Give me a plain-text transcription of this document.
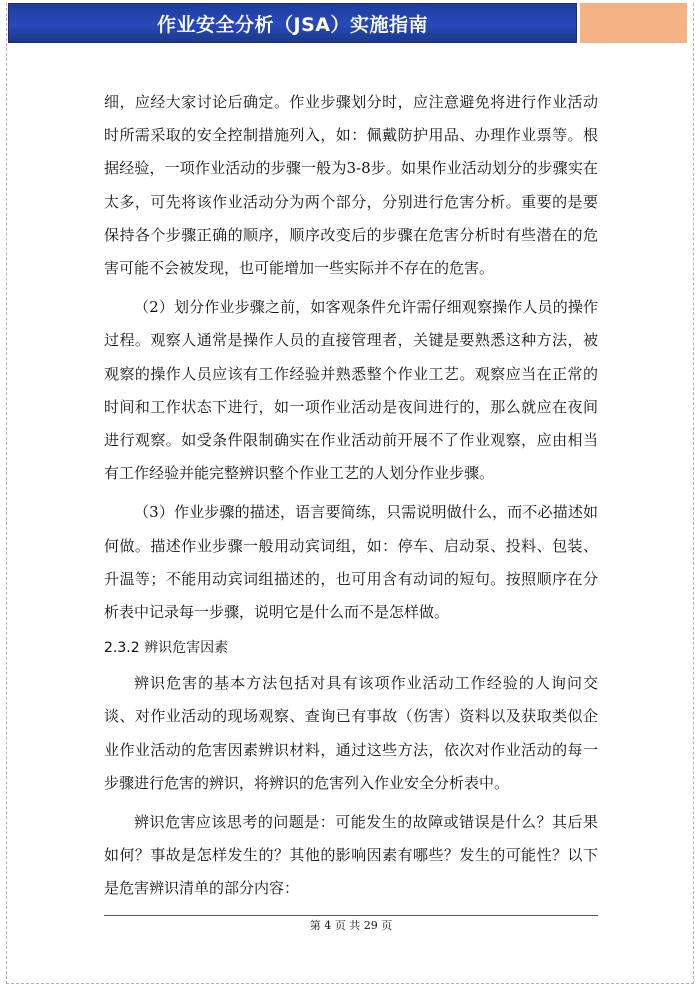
作业安全分析（JSA）实施指南

细，应经大家讨论后确定。作业步骤划分时，应注意避免将进行作业活动时所需采取的安全控制措施列入，如：佩戴防护用品、办理作业票等。根据经验，一项作业活动的步骤一般为3-8步。如果作业活动划分的步骤实在太多，可先将该作业活动分为两个部分，分别进行危害分析。重要的是要保持各个步骤正确的顺序，顺序改变后的步骤在危害分析时有些潜在的危害可能不会被发现，也可能增加一些实际并不存在的危害。

（2）划分作业步骤之前，如客观条件允许需仔细观察操作人员的操作过程。观察人通常是操作人员的直接管理者，关键是要熟悉这种方法，被观察的操作人员应该有工作经验并熟悉整个作业工艺。观察应当在正常的时间和工作状态下进行，如一项作业活动是夜间进行的，那么就应在夜间进行观察。如受条件限制确实在作业活动前开展不了作业观察，应由相当有工作经验并能完整辨识整个作业工艺的人划分作业步骤。

（3）作业步骤的描述，语言要简练，只需说明做什么，而不必描述如何做。描述作业步骤一般用动宾词组，如：停车、启动泵、投料、包装、升温等；不能用动宾词组描述的，也可用含有动词的短句。按照顺序在分析表中记录每一步骤，说明它是什么而不是怎样做。

2.3.2 辨识危害因素

辨识危害的基本方法包括对具有该项作业活动工作经验的人询问交谈、对作业活动的现场观察、查询已有事故（伤害）资料以及获取类似企业作业活动的危害因素辨识材料，通过这些方法，依次对作业活动的每一步骤进行危害的辨识，将辨识的危害列入作业安全分析表中。

辨识危害应该思考的问题是：可能发生的故障或错误是什么？其后果如何？事故是怎样发生的？其他的影响因素有哪些？发生的可能性？以下是危害辨识清单的部分内容：

第 4 页 共 29 页
